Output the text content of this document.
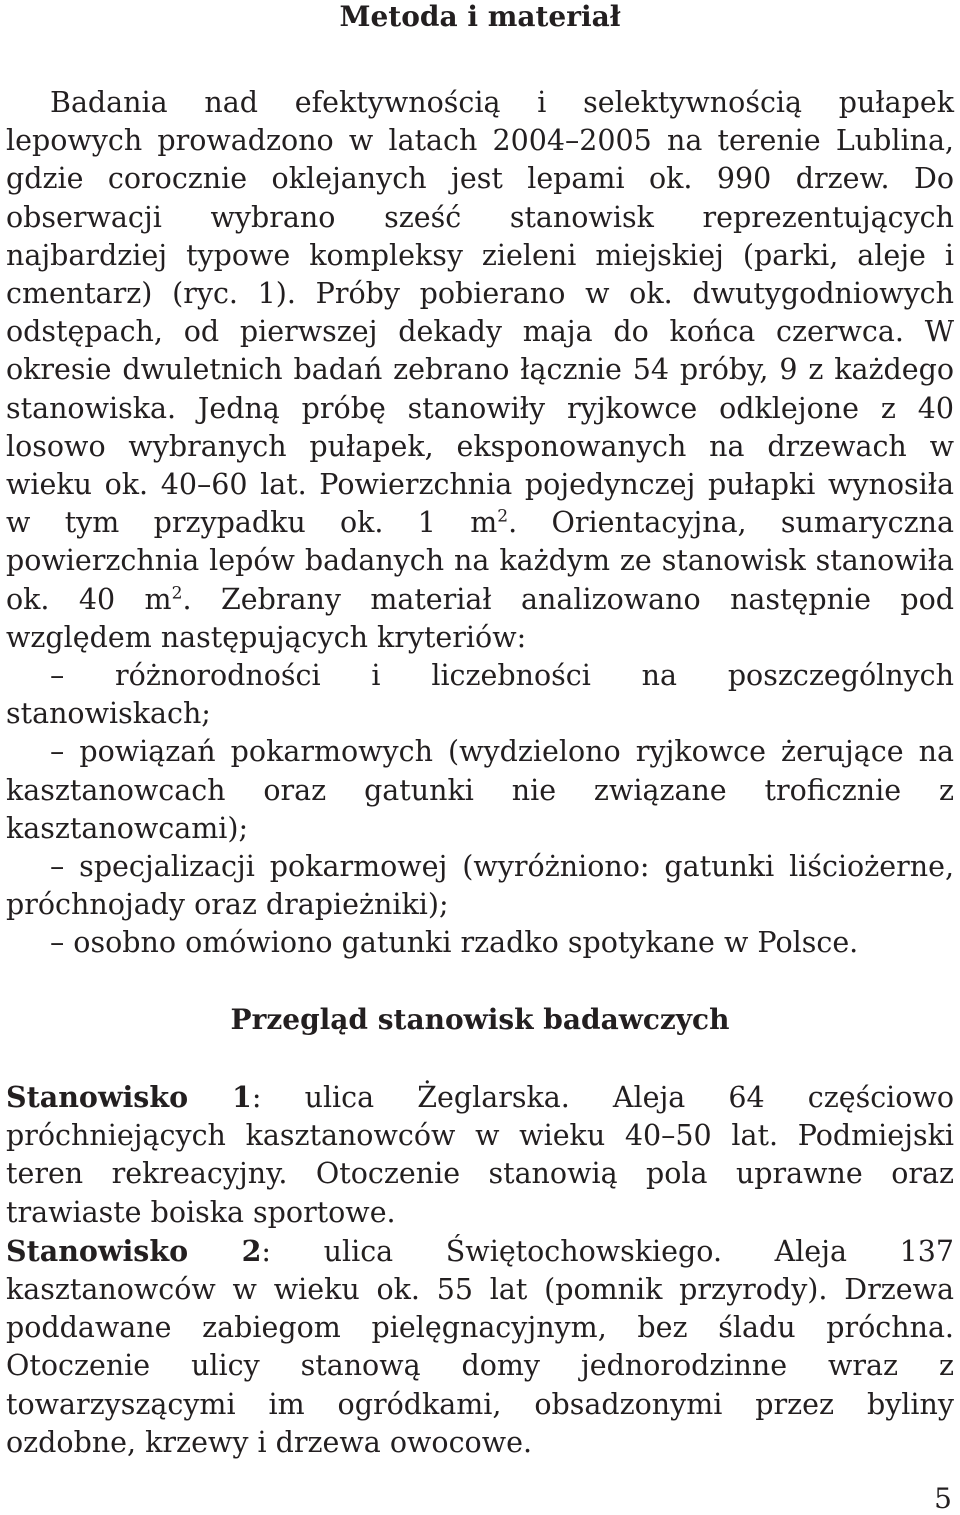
Metoda i materiał

Badania nad efektywnością i selektywnością pułapek lepowych prowadzono w latach 2004–2005 na terenie Lublina, gdzie corocznie oklejanych jest lepami ok. 990 drzew. Do obserwacji wybrano sześć stanowisk reprezentujących najbardziej typowe kompleksy zieleni miejskiej (parki, aleje i cmentarz) (ryc. 1). Próby pobierano w ok. dwutygodniowych odstępach, od pierwszej dekady maja do końca czerwca. W okresie dwuletnich badań zebrano łącznie 54 próby, 9 z każdego stanowiska. Jedną próbę stanowiły ryjkowce odklejone z 40 losowo wybranych pułapek, eksponowanych na drzewach w wieku ok. 40–60 lat. Powierzchnia pojedynczej pułapki wynosiła w tym przypadku ok. 1 $m^2$. Orientacyjna, sumaryczna powierzchnia lepów badanych na każdym ze stanowisk stanowiła ok. 40 $m^2$. Zebrany materiał analizowano następnie pod względem następujących kryteriów:

– różnorodności i liczebności na poszczególnych stanowiskach;

– powiązań pokarmowych (wydzielono ryjkowce żerujące na kasztanowcach oraz gatunki nie związane troficznie z kasztanowcami);

– specjalizacji pokarmowej (wyróżniono: gatunki liściożerne, próchnojady oraz drapieżniki);

– osobno omówiono gatunki rzadko spotykane w Polsce.

Przegląd stanowisk badawczych

Stanowisko 1: ulica Żeglarska. Aleja 64 częściowo próchniejących kasztanowców w wieku 40–50 lat. Podmiejski teren rekreacyjny. Otoczenie stanowią pola uprawne oraz trawiaste boiska sportowe.

Stanowisko 2: ulica Świętochowskiego. Aleja 137 kasztanowców w wieku ok. 55 lat (pomnik przyrody). Drzewa poddawane zabiegom pielęgnacyjnym, bez śladu próchna. Otoczenie ulicy stanową domy jednorodzinne wraz z towarzyszącymi im ogródkami, obsadzonymi przez byliny ozdobne, krzewy i drzewa owocowe.

5
